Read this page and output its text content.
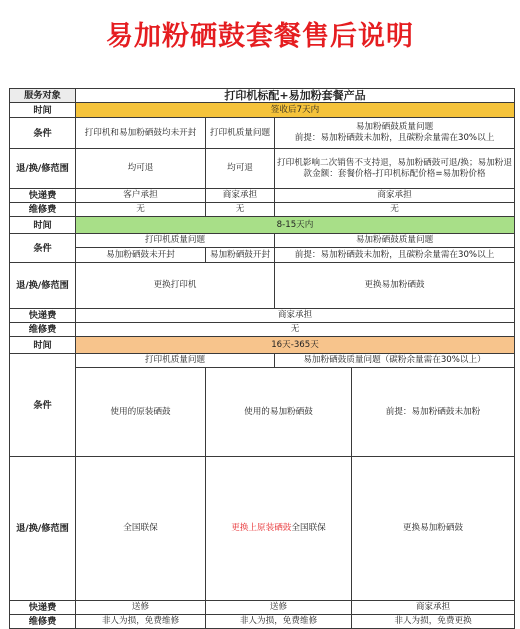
易加粉硒鼓套餐售后说明
服务对象	打印机标配+易加粉套餐产品				
时间	签收后7天内				
条件	打印机和易加粉硒鼓均未开封	打印机质量问题	易加粉硒鼓质量问题
前提：易加粉硒鼓未加粉，且碳粉余量需在30%以上		

退/换/修范围	均可退	均可退	打印机影响二次销售不支持退，易加粉硒鼓可退/换；易加粉退款金额：套餐价格-打印机标配价格=易加粉价格		
快递费	客户承担	商家承担	商家承担		
维修费	无	无	无		
时间	8-15天内				
条件	打印机质量问题		易加粉硒鼓质量问题		
	易加粉硒鼓未开封	易加粉硒鼓开封	前提：易加粉硒鼓未加粉，且碳粉余量需在30%以上		
退/换/修范围	更换打印机		更换易加粉硒鼓		
快递费	商家承担				
维修费	无				
时间	16天-365天				
条件	打印机质量问题		易加粉硒鼓质量问题（碳粉余量需在30%以上）		
	使用的原装硒鼓	使用的易加粉硒鼓		前提：易加粉硒鼓未加粉	
退/换/修范围	全国联保	更换上原装硒鼓全国联保		更换易加粉硒鼓	
快递费	送修	送修		商家承担	
维修费	非人为损，免费维修	非人为损，免费维修		非人为损，免费更换	
